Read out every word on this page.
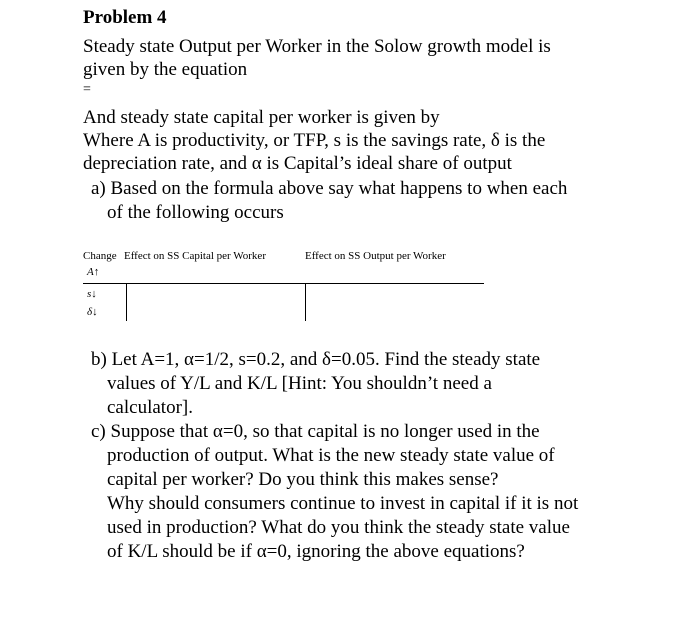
Problem 4
Steady state Output per Worker in the Solow growth model is
given by the equation
=
And steady state capital per worker is given by
Where A is productivity, or TFP, s is the savings rate, δ is the
depreciation rate, and α is Capital’s ideal share of output
a) Based on the formula above say what happens to when each
of the following occurs
Change Effect on SS Capital per Worker	Effect on SS Output per Worker
A↑
s↓
δ↓
b) Let A=1, α=1/2, s=0.2, and δ=0.05. Find the steady state
values of Y/L and K/L [Hint: You shouldn’t need a
calculator].
c) Suppose that α=0, so that capital is no longer used in the
production of output. What is the new steady state value of
capital per worker? Do you think this makes sense?
Why should consumers continue to invest in capital if it is not
used in production? What do you think the steady state value
of K/L should be if α=0, ignoring the above equations?
